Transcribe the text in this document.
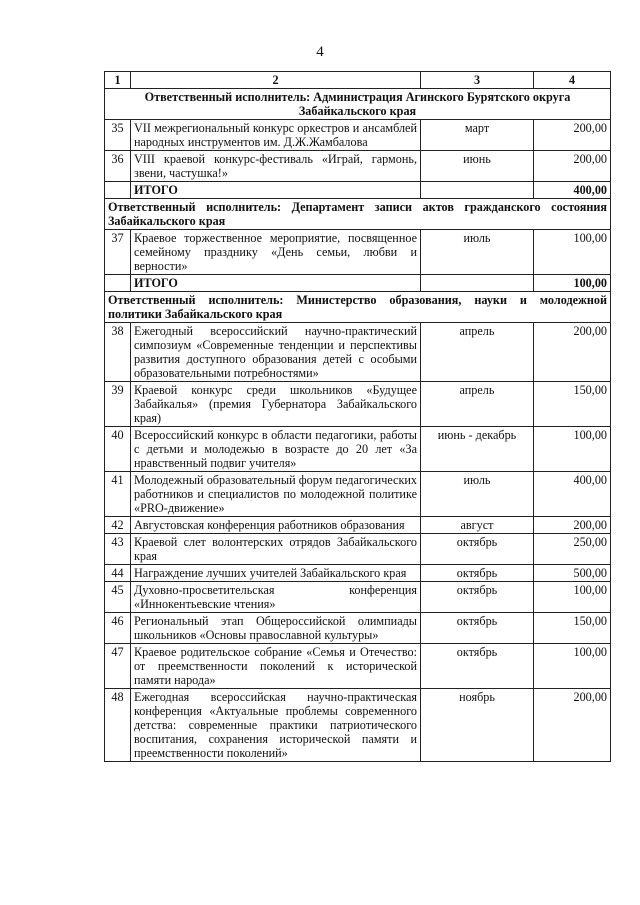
4
1	2	3	4

Ответственный исполнитель: Администрация Агинского Бурятского округа
Забайкальского края			

35	VII межрегиональный конкурс оркестров и ансамблей народных инструментов им. Д.Ж.Жамбалова	март	200,00
36	VIII краевой конкурс-фестиваль «Играй, гармонь, звени, частушка!»	июнь	200,00
	ИТОГО		400,00

Ответственный исполнитель: Департамент записи актов гражданского состояния
Забайкальского края			

37	Краевое торжественное мероприятие, посвященное семейному празднику «День семьи, любви и верности»	июль	100,00
	ИТОГО		100,00

Ответственный исполнитель: Министерство образования, науки и молодежной
политики Забайкальского края			

38	Ежегодный всероссийский научно-практический симпозиум «Современные тенденции и перспективы развития доступного образования детей с особыми образовательными потребностями»	апрель	200,00
39	Краевой конкурс среди школьников «Будущее Забайкалья» (премия Губернатора Забайкальского края)	апрель	150,00
40	Всероссийский конкурс в области педагогики, работы с детьми и молодежью в возрасте до 20 лет «За нравственный подвиг учителя»	июнь - декабрь	100,00
41	Молодежный образовательный форум педагогических работников и специалистов по молодежной политике «PRO-движение»	июль	400,00
42	Августовская конференция работников образования	август	200,00
43	Краевой слет волонтерских отрядов Забайкальского края	октябрь	250,00
44	Награждение лучших учителей Забайкальского края	октябрь	500,00
45	Духовно-просветительская конференция «Иннокентьевские чтения»	октябрь	100,00
46	Региональный этап Общероссийской олимпиады школьников «Основы православной культуры»	октябрь	150,00
47	Краевое родительское собрание «Семья и Отечество: от преемственности поколений к исторической памяти народа»	октябрь	100,00
48	Ежегодная всероссийская научно-практическая конференция «Актуальные проблемы современного детства: современные практики патриотического воспитания, сохранения исторической памяти и преемственности поколений»	ноябрь	200,00
